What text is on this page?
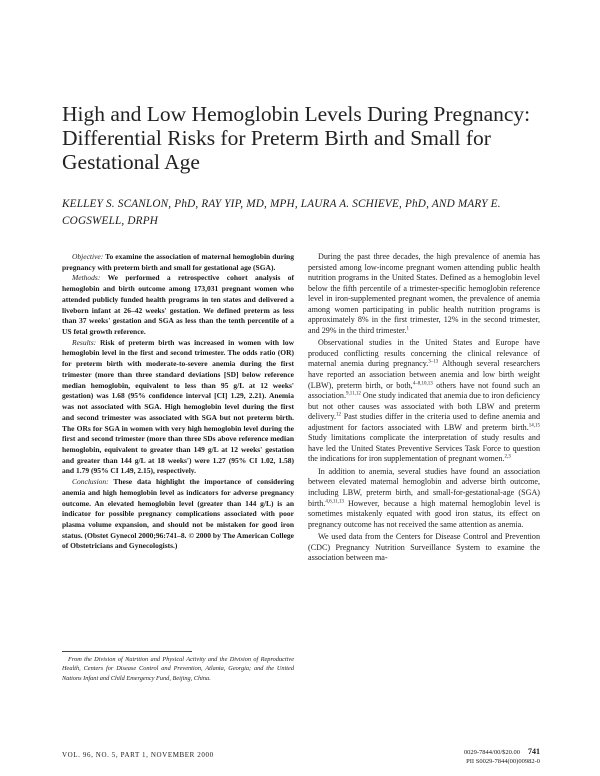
High and Low Hemoglobin Levels During Pregnancy: Differential Risks for Preterm Birth and Small for Gestational Age
KELLEY S. SCANLON, PhD, RAY YIP, MD, MPH, LAURA A. SCHIEVE, PhD, AND MARY E. COGSWELL, DRPH

Objective: To examine the association of maternal hemoglobin during pregnancy with preterm birth and small for gestational age (SGA).

Methods: We performed a retrospective cohort analysis of hemoglobin and birth outcome among 173,031 pregnant women who attended publicly funded health programs in ten states and delivered a liveborn infant at 26–42 weeks' gestation. We defined preterm as less than 37 weeks' gestation and SGA as less than the tenth percentile of a US fetal growth reference.

Results: Risk of preterm birth was increased in women with low hemoglobin level in the first and second trimester. The odds ratio (OR) for preterm birth with moderate-to-severe anemia during the first trimester (more than three standard deviations [SD] below reference median hemoglobin, equivalent to less than 95 g/L at 12 weeks' gestation) was 1.68 (95% confidence interval [CI] 1.29, 2.21). Anemia was not associated with SGA. High hemoglobin level during the first and second trimester was associated with SGA but not preterm birth. The ORs for SGA in women with very high hemoglobin level during the first and second trimester (more than three SDs above reference median hemoglobin, equivalent to greater than 149 g/L at 12 weeks' gestation and greater than 144 g/L at 18 weeks') were 1.27 (95% CI 1.02, 1.58) and 1.79 (95% CI 1.49, 2.15), respectively.

Conclusion: These data highlight the importance of considering anemia and high hemoglobin level as indicators for adverse pregnancy outcome. An elevated hemoglobin level (greater than 144 g/L) is an indicator for possible pregnancy complications associated with poor plasma volume expansion, and should not be mistaken for good iron status. (Obstet Gynecol 2000;96:741–8. © 2000 by The American College of Obstetricians and Gynecologists.)

From the Division of Nutrition and Physical Activity and the Division of Reproductive Health, Centers for Disease Control and Prevention, Atlanta, Georgia; and the United Nations Infant and Child Emergency Fund, Beijing, China.

During the past three decades, the high prevalence of anemia has persisted among low-income pregnant women attending public health nutrition programs in the United States. Defined as a hemoglobin level below the fifth percentile of a trimester-specific hemoglobin reference level in iron-supplemented pregnant women, the prevalence of anemia among women participating in public health nutrition programs is approximately 8% in the first trimester, 12% in the second trimester, and 29% in the third trimester.$^1$

Observational studies in the United States and Europe have produced conflicting results concerning the clinical relevance of maternal anemia during pregnancy.$^{3-13}$ Although several researchers have reported an association between anemia and low birth weight (LBW), preterm birth, or both,$^{4-8,10,13}$ others have not found such an association.$^{9,11,12}$ One study indicated that anemia due to iron deficiency but not other causes was associated with both LBW and preterm delivery.$^{12}$ Past studies differ in the criteria used to define anemia and adjustment for factors associated with LBW and preterm birth.$^{14,15}$ Study limitations complicate the interpretation of study results and have led the United States Preventive Services Task Force to question the indications for iron supplementation of pregnant women.$^{2,3}$

In addition to anemia, several studies have found an association between elevated maternal hemoglobin and adverse birth outcome, including LBW, preterm birth, and small-for-gestational-age (SGA) birth.$^{4,6,11,13}$ However, because a high maternal hemoglobin level is sometimes mistakenly equated with good iron status, its effect on pregnancy outcome has not received the same attention as anemia.

We used data from the Centers for Disease Control and Prevention (CDC) Pregnancy Nutrition Surveillance System to examine the association between ma-

VOL. 96, NO. 5, PART 1, NOVEMBER 2000	0029-7844/00/$20.00 741
PII S0029-7844(00)00982-0
